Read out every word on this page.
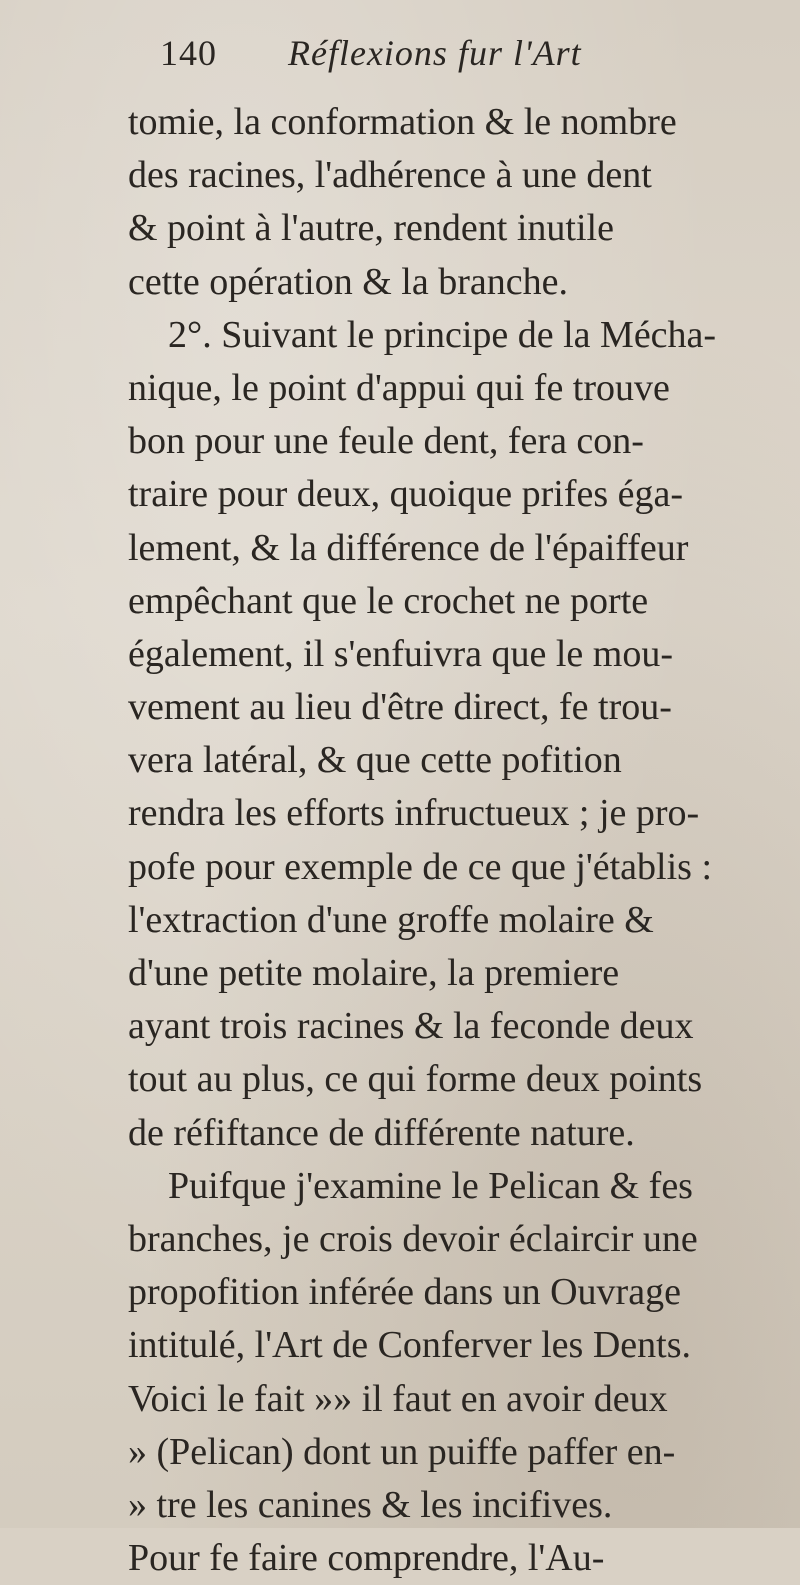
140 Réflexions fur l'Art
tomie, la conformation & le nombre
des racines, l'adhérence à une dent
& point à l'autre, rendent inutile
cette opération & la branche.
2°. Suivant le principe de la Mécha-
nique, le point d'appui qui fe trouve
bon pour une feule dent, fera con-
traire pour deux, quoique prifes éga-
lement, & la différence de l'épaiffeur
empêchant que le crochet ne porte
également, il s'enfuivra que le mou-
vement au lieu d'être direct, fe trou-
vera latéral, & que cette pofition
rendra les efforts infructueux ; je pro-
pofe pour exemple de ce que j'établis :
l'extraction d'une groffe molaire &
d'une petite molaire, la premiere
ayant trois racines & la feconde deux
tout au plus, ce qui forme deux points
de réfiftance de différente nature.
Puifque j'examine le Pelican & fes
branches, je crois devoir éclaircir une
propofition inférée dans un Ouvrage
intitulé, l'Art de Conferver les Dents.
Voici le fait »» il faut en avoir deux
» (Pelican) dont un puiffe paffer en-
» tre les canines & les incifives.
Pour fe faire comprendre, l'Au-
